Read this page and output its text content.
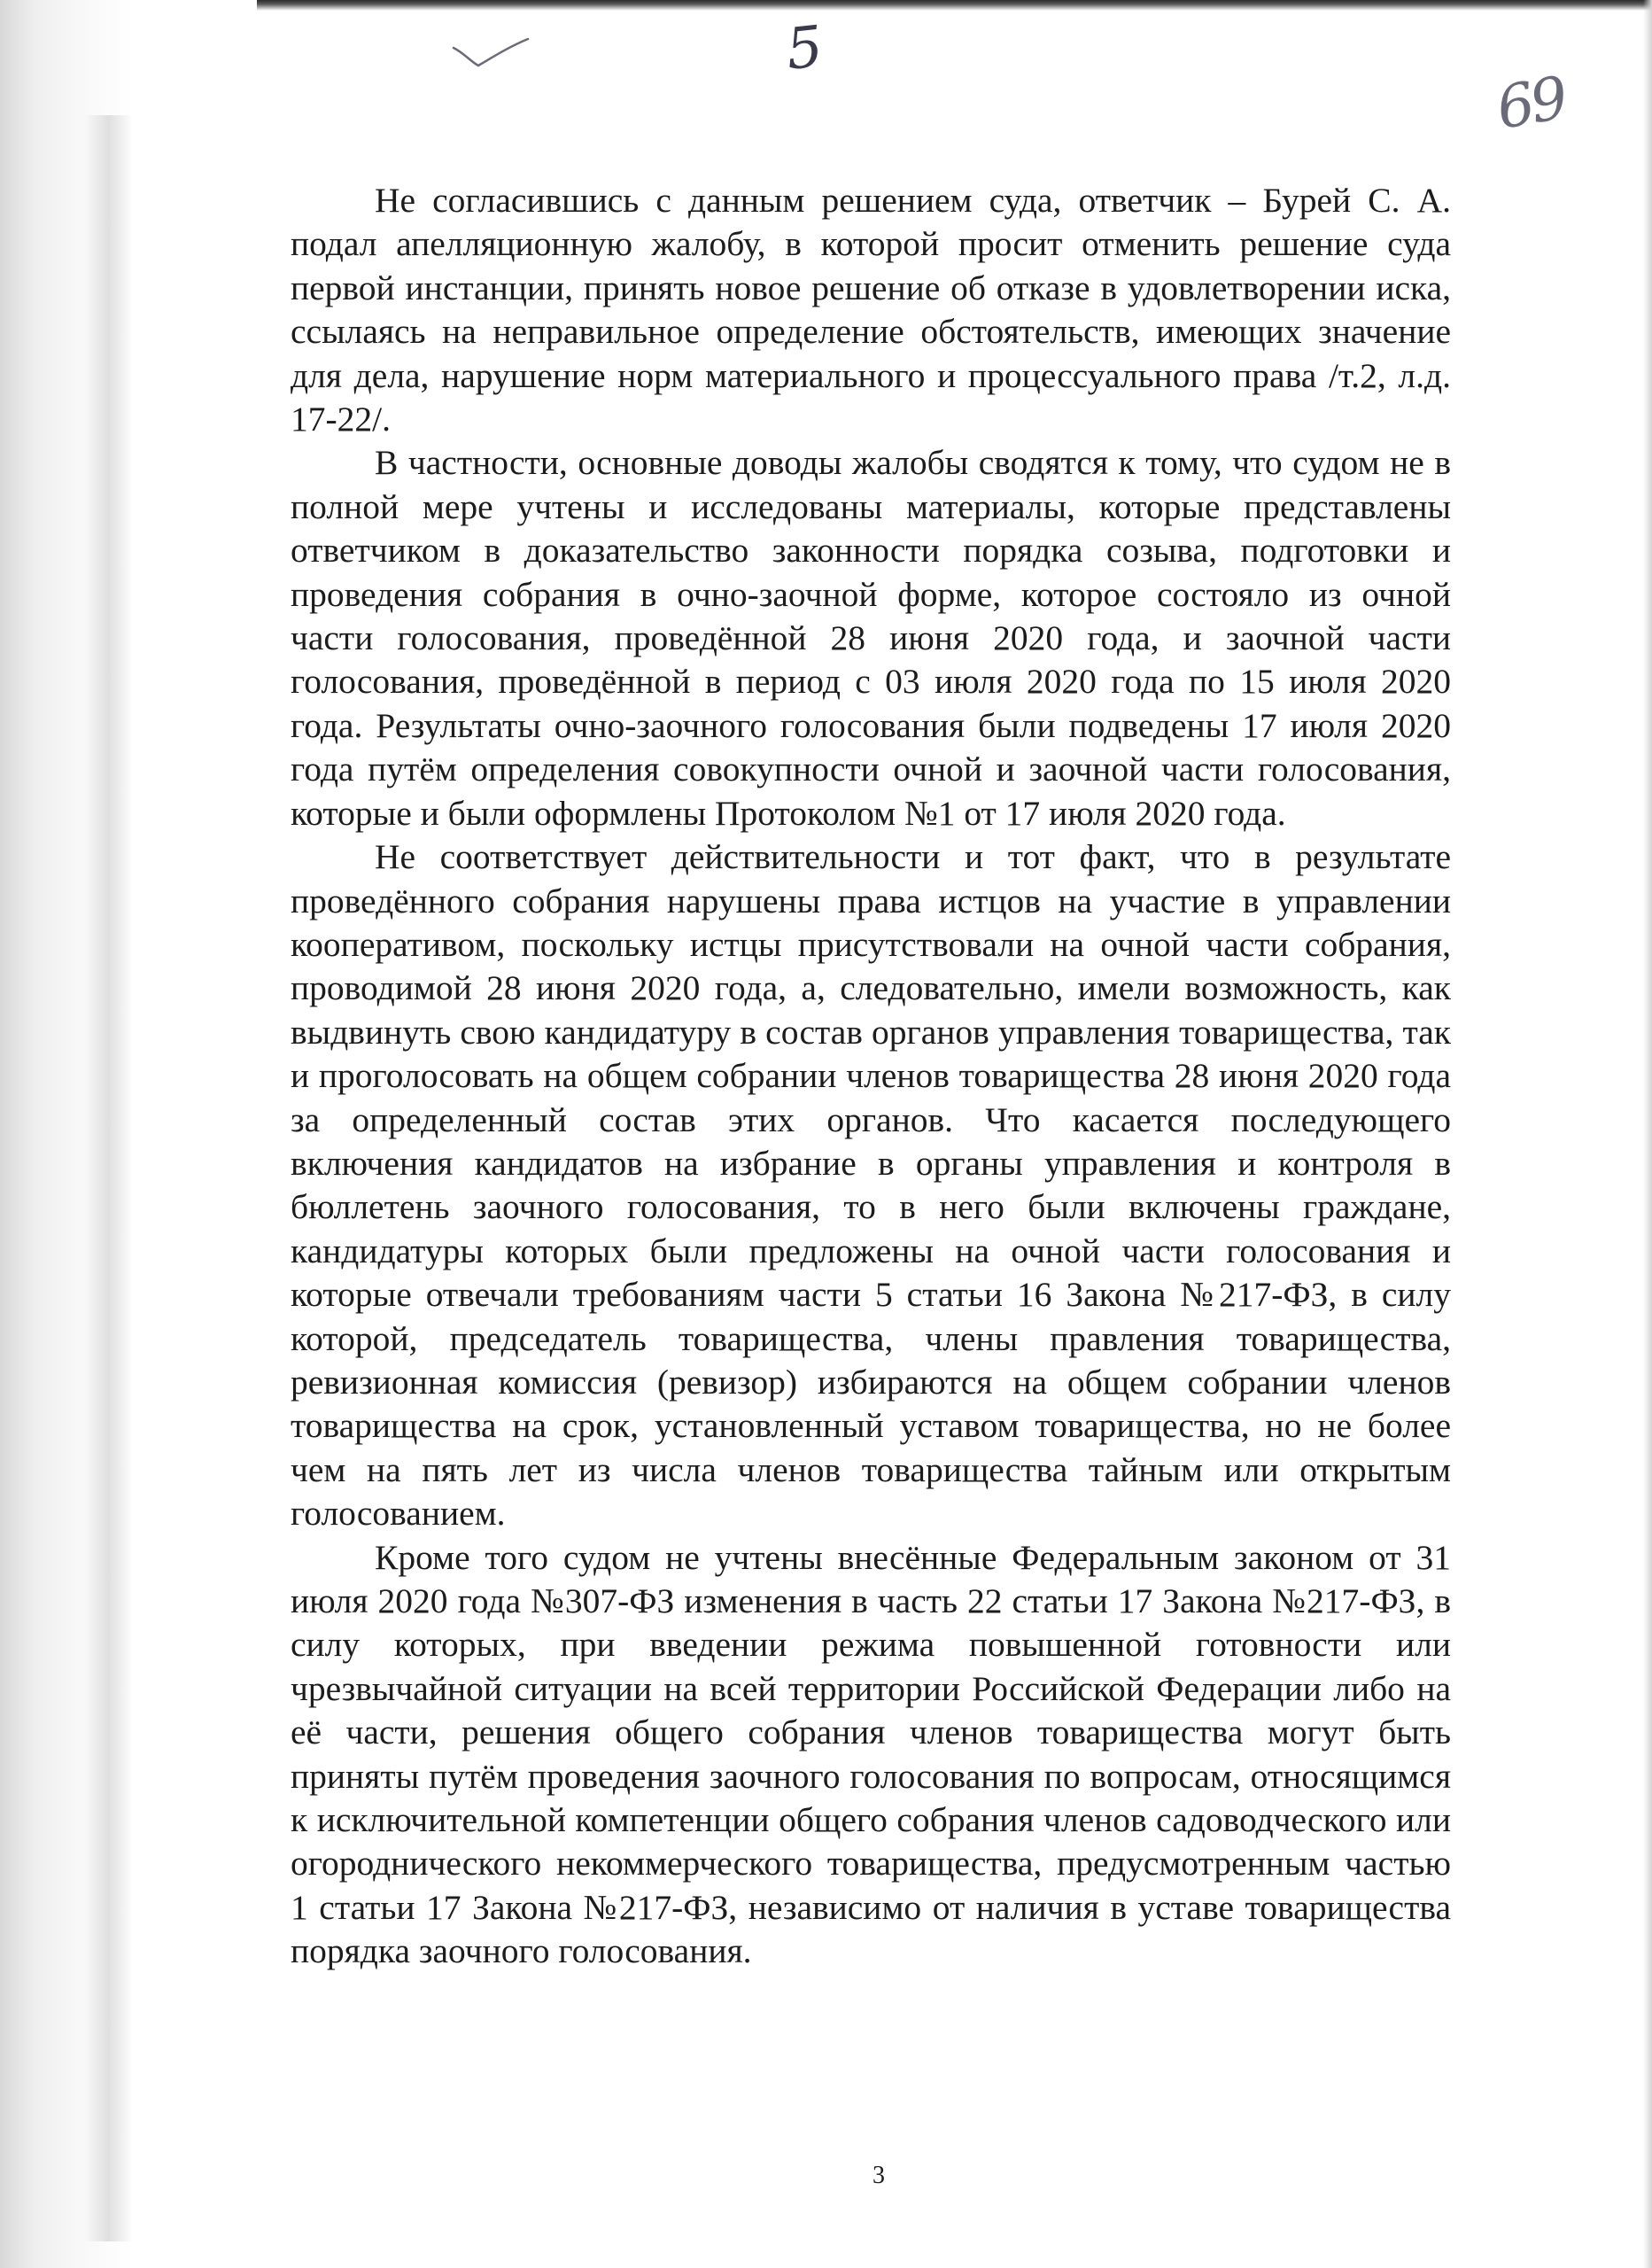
5
69

Не согласившись с данным решением суда, ответчик – Бурей С. А. подал апелляционную жалобу, в которой просит отменить решение суда первой инстанции, принять новое решение об отказе в удовлетворении иска, ссылаясь на неправильное определение обстоятельств, имеющих значение для дела, нарушение норм материального и процессуального права /т.2, л.д. 17-22/.

В частности, основные доводы жалобы сводятся к тому, что судом не в полной мере учтены и исследованы материалы, которые представлены ответчиком в доказательство законности порядка созыва, подготовки и проведения собрания в очно-заочной форме, которое состояло из очной части голосования, проведённой 28 июня 2020 года, и заочной части голосования, проведённой в период с 03 июля 2020 года по 15 июля 2020 года. Результаты очно-заочного голосования были подведены 17 июля 2020 года путём определения совокупности очной и заочной части голосования, которые и были оформлены Протоколом №1 от 17 июля 2020 года.

Не соответствует действительности и тот факт, что в результате проведённого собрания нарушены права истцов на участие в управлении кооперативом, поскольку истцы присутствовали на очной части собрания, проводимой 28 июня 2020 года, а, следовательно, имели возможность, как выдвинуть свою кандидатуру в состав органов управления товарищества, так и проголосовать на общем собрании членов товарищества 28 июня 2020 года за определенный состав этих органов. Что касается последующего включения кандидатов на избрание в органы управления и контроля в бюллетень заочного голосования, то в него были включены граждане, кандидатуры которых были предложены на очной части голосования и которые отвечали требованиям части 5 статьи 16 Закона №217-ФЗ, в силу которой, председатель товарищества, члены правления товарищества, ревизионная комиссия (ревизор) избираются на общем собрании членов товарищества на срок, установленный уставом товарищества, но не более чем на пять лет из числа членов товарищества тайным или открытым голосованием.

Кроме того судом не учтены внесённые Федеральным законом от 31 июля 2020 года №307-ФЗ изменения в часть 22 статьи 17 Закона №217-ФЗ, в силу которых, при введении режима повышенной готовности или чрезвычайной ситуации на всей территории Российской Федерации либо на её части, решения общего собрания членов товарищества могут быть приняты путём проведения заочного голосования по вопросам, относящимся к исключительной компетенции общего собрания членов садоводческого или огороднического некоммерческого товарищества, предусмотренным частью 1 статьи 17 Закона №217-ФЗ, независимо от наличия в уставе товарищества порядка заочного голосования.

3
